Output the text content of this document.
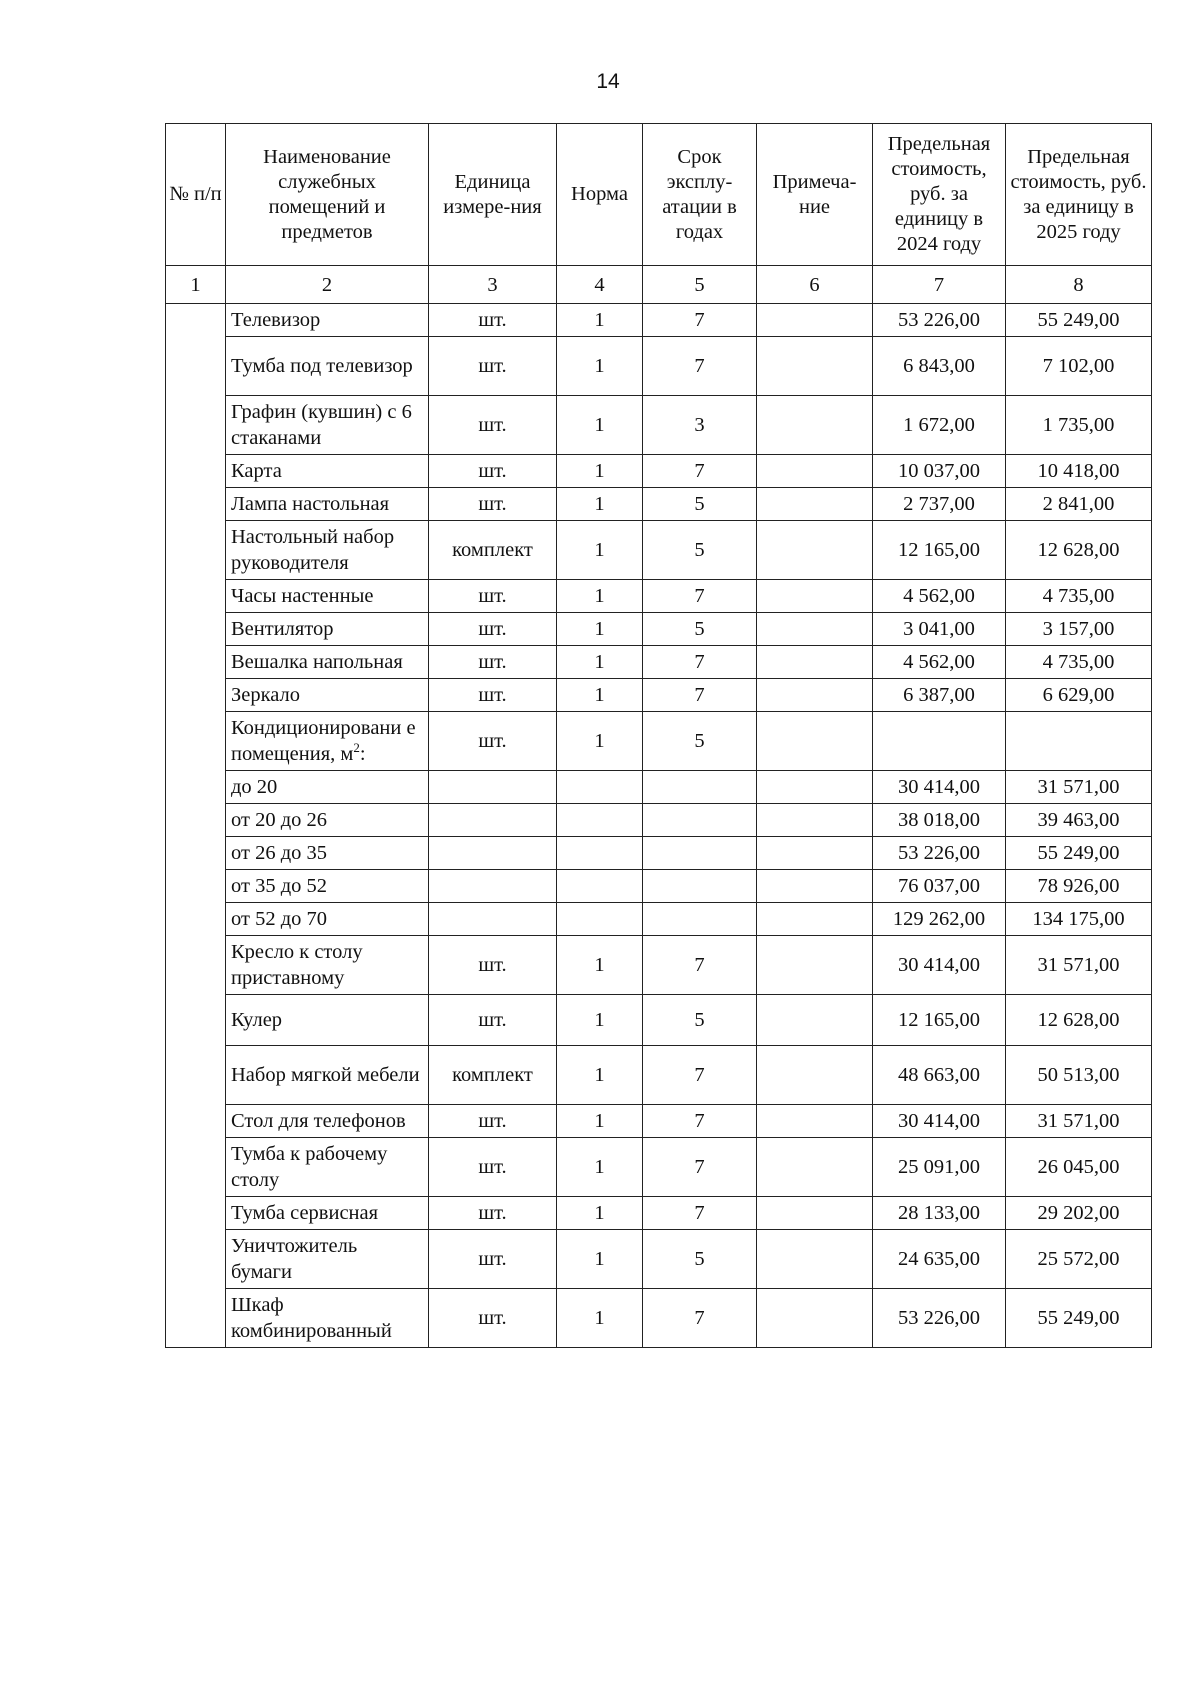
14
№ п/п	Наименование служебных помещений и предметов	Единица измере-ния	Норма	Срок эксплу-атации в годах	Примеча-ние	Предельная стоимость, руб. за единицу в 2024 году	Предельная стоимость, руб. за единицу в 2025 году
1	2	3	4	5	6	7	8
	Телевизор	шт.	1	7		53 226,00	55 249,00
	Тумба под телевизор	шт.	1	7		6 843,00	7 102,00
	Графин (кувшин) с 6 стаканами	шт.	1	3		1 672,00	1 735,00
	Карта	шт.	1	7		10 037,00	10 418,00
	Лампа настольная	шт.	1	5		2 737,00	2 841,00
	Настольный набор руководителя	комплект	1	5		12 165,00	12 628,00
	Часы настенные	шт.	1	7		4 562,00	4 735,00
	Вентилятор	шт.	1	5		3 041,00	3 157,00
	Вешалка напольная	шт.	1	7		4 562,00	4 735,00
	Зеркало	шт.	1	7		6 387,00	6 629,00
	Кондиционировани е помещения, $м^2$:	шт.	1	5			
	до 20					30 414,00	31 571,00
	от 20 до 26					38 018,00	39 463,00
	от 26 до 35					53 226,00	55 249,00
	от 35 до 52					76 037,00	78 926,00
	от 52 до 70					129 262,00	134 175,00
	Кресло к столу приставному	шт.	1	7		30 414,00	31 571,00
	Кулер	шт.	1	5		12 165,00	12 628,00
	Набор мягкой мебели	комплект	1	7		48 663,00	50 513,00
	Стол для телефонов	шт.	1	7		30 414,00	31 571,00
	Тумба к рабочему столу	шт.	1	7		25 091,00	26 045,00
	Тумба сервисная	шт.	1	7		28 133,00	29 202,00
	Уничтожитель бумаги	шт.	1	5		24 635,00	25 572,00
	Шкаф комбинированный	шт.	1	7		53 226,00	55 249,00
